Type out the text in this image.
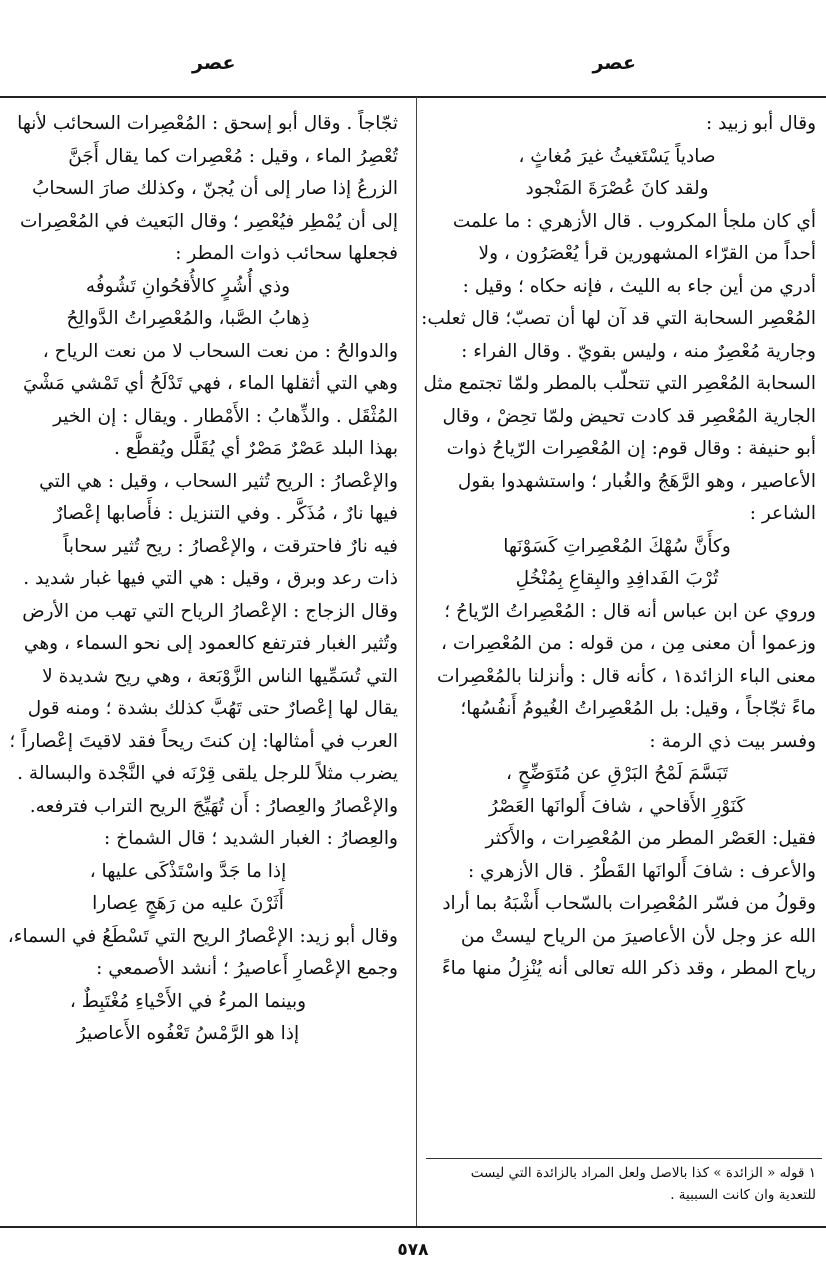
عصر
عصر
وقال أبو زبيد :
صادياً يَسْتَغيثُ غيرَ مُغاثٍ ،
ولقد كانَ عُصْرَةَ المَنْجود
أي كان ملجأ المكروب . قال الأزهري : ما علمت
أحداً من القرّاء المشهورين قرأ يُعْصَرُون ، ولا
أدري من أين جاء به الليث ، فإنه حكاه ؛ وقيل :
المُعْصِر السحابة التي قد آن لها أن تصبّ؛ قال ثعلب:
وجارية مُعْصِرٌ منه ، وليس بقويّ . وقال الفراء :
السحابة المُعْصِر التي تتحلّب بالمطر ولمّا تجتمع مثل
الجارية المُعْصِر قد كادت تحيض ولمّا تحِضْ ، وقال
أبو حنيفة : وقال قوم: إن المُعْصِرات الرّياحُ ذوات
الأعاصير ، وهو الرَّهَجُ والغُبار ؛ واستشهدوا بقول
الشاعر :
وكأَنَّ سُهْكَ المُعْصِراتِ كَسَوْنَها
تُرْبَ الفَدافِدِ والبِقاعِ بِمُنْخُلِ
وروي عن ابن عباس أنه قال : المُعْصِراتُ الرّياحُ ؛
وزعموا أن معنى مِن ، من قوله : من المُعْصِرات ،
معنى الباء الزائدة١ ، كأنه قال : وأنزلنا بالمُعْصِرات
ماءً ثجّاجاً ، وقيل: بل المُعْصِراتُ الغُيومُ أَنفُسُها؛
وفسر بيت ذي الرمة :
تَبَسَّمَ لَمْحُ البَرْقِ عن مُتَوَضِّحٍ ،
كَنَوْرِ الأَقاحي ، شافَ أَلوانَها العَصْرُ
فقيل: العَصْر المطر من المُعْصِرات ، والأَكثر
والأعرف : شافَ أَلوانَها القَطْرُ . قال الأزهري :
وقولُ من فسّر المُعْصِرات بالسّحاب أَشْبَهُ بما أراد
الله عز وجل لأن الأعاصيرَ من الرياح ليستْ من
رياح المطر ، وقد ذكر الله تعالى أنه يُنْزِلُ منها ماءً
ثجّاجاً . وقال أبو إسحق : المُعْصِرات السحائب لأنها
تُعْصِرُ الماء ، وقيل : مُعْصِرات كما يقال أَجَنَّ
الزرعُ إذا صار إلى أن يُجنّ ، وكذلك صارَ السحابُ
إلى أن يُمْطِر فيُعْصِر ؛ وقال البَعيث في المُعْصِرات
فجعلها سحائب ذوات المطر :
وذي أُشُرٍ كالأُقحُوانِ تَشُوفُه
ذِهابُ الصَّبا، والمُعْصِراتُ الدَّوالِحُ
والدوالحُ : من نعت السحاب لا من نعت الرياح ،
وهي التي أثقلها الماء ، فهي تَدْلَحُ أي تَمْشي مَشْيَ
المُثْقَل . والذِّهابُ : الأَمْطار . ويقال : إن الخير
بهذا البلد عَصْرٌ مَصْرٌ أي يُقَلَّل ويُقطَّع .
والإعْصارُ : الريح تُثير السحاب ، وقيل : هي التي
فيها نارٌ ، مُذَكَّر . وفي التنزيل : فأَصابها إعْصارٌ
فيه نارٌ فاحترقت ، والإعْصارُ : ريح تُثير سحاباً
ذات رعد وبرق ، وقيل : هي التي فيها غبار شديد .
وقال الزجاج : الإعْصارُ الرياح التي تهب من الأرض
وتُثير الغبار فترتفع كالعمود إلى نحو السماء ، وهي
التي تُسَمِّيها الناس الزَّوْبَعة ، وهي ريح شديدة لا
يقال لها إعْصارٌ حتى تَهُبَّ كذلك بشدة ؛ ومنه قول
العرب في أمثالها: إن كنتَ ريحاً فقد لاقيتَ إعْصاراً ؛
يضرب مثلاً للرجل يلقى قِرْنَه في النَّجْدة والبسالة .
والإعْصارُ والعِصارُ : أَن تُهَيِّجَ الريح التراب فترفعه.
والعِصارُ : الغبار الشديد ؛ قال الشماخ :
إذا ما جَدَّ واسْتَذْكَى عليها ،
أَثَرْنَ عليه من رَهَجٍ عِصارا
وقال أبو زيد: الإعْصارُ الريح التي تَسْطَعُ في السماء،
وجمع الإعْصارِ أَعاصيرُ ؛ أنشد الأصمعي :
وبينما المرءُ في الأَحْياءِ مُغْتَبِطٌ ،
إذا هو الرَّمْسُ تَعْفُوه الأَعاصيرُ
١ قوله « الزائدة » كذا بالاصل ولعل المراد بالزائدة التي ليست
للتعدية وان كانت السببية .
٥٧٨
